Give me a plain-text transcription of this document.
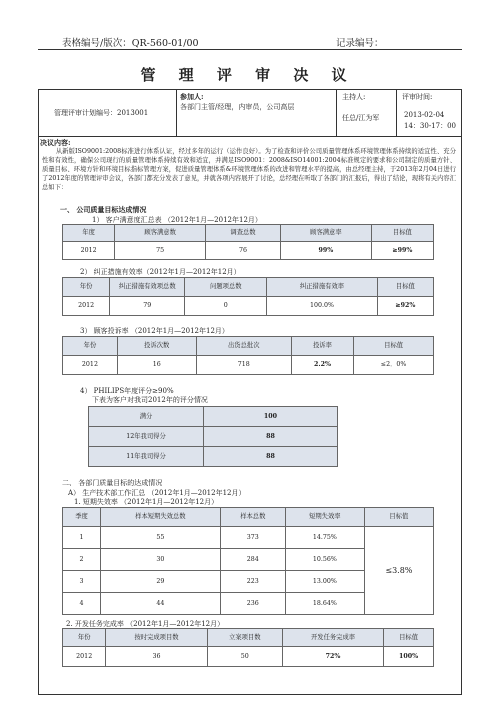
表格编号/版次：QR-560-01/00	记录编号：
管 理 评 审 决 议
管理评审计划编号：2013001
参加人:
各部门主管/经理，内审员，公司高层
主持人:
任总/江为军
评审时间:
2013-02-04
14：30-17：00
决议内容:
从新版ISO9001:2008标准进行体系认证，经过多年的运行（运作良好）。为了检查和评价公司质量管理体系环境管理体系持续的适宜性、充分性和有效性，确保公司现行的质量管理体系持续有效和适宜，并满足ISO9001：2008&ISO14001:2004标准规定的要求和公司制定的质量方针、质量目标、环境方针和环境目标指标管理方案，促进质量管理体系&环境管理体系的改进和管理水平的提高，由总经理主持，于2013年2月04日进行了2012年度的管理评审会议，各部门都充分发表了意见，并就各项内容展开了讨论，总经理在听取了各部门的汇报后，得出了结论，现将有关内容汇总如下：
一、 公司质量目标达成情况
1） 客户满意度汇总表 （2012年1月—2012年12月）
年度	顾客满意数	调查总数	顾客满意率	目标值
2012	75	76	99%	≥99%
2） 纠正措施有效率（2012年1月—2012年12月）
年份	纠正措施有效项总数	问题项总数	纠正措施有效率	目标值
2012	79	0	100.0%	≥92%
3） 顾客投诉率 （2012年1月—2012年12月）
年份	投诉次数	出货总批次	投诉率	目标值
2012	16	718	2.2%	≤2．0%
4） PHILIPS年度评分≥90%
下表为客户对我司2012年的评分情况
满分	100
12年我司得分	88
11年我司得分	88
二、 各部门质量目标的达成情况
A） 生产技术部工作汇总 （2012年1月—2012年12月）
1. 短期失效率 （2012年1月—2012年12月）
季度	样本短期失效总数	样本总数	短期失效率	目标值
1	55	373	14.75%	≤3.8%
2	30	284	10.56%	
3	29	223	13.00%	
4	44	236	18.64%	
2. 开发任务完成率 （2012年1月—2012年12月）
年份	按时完成项目数	立案项目数	开发任务完成率	目标值
2012	36	50	72%	100%
